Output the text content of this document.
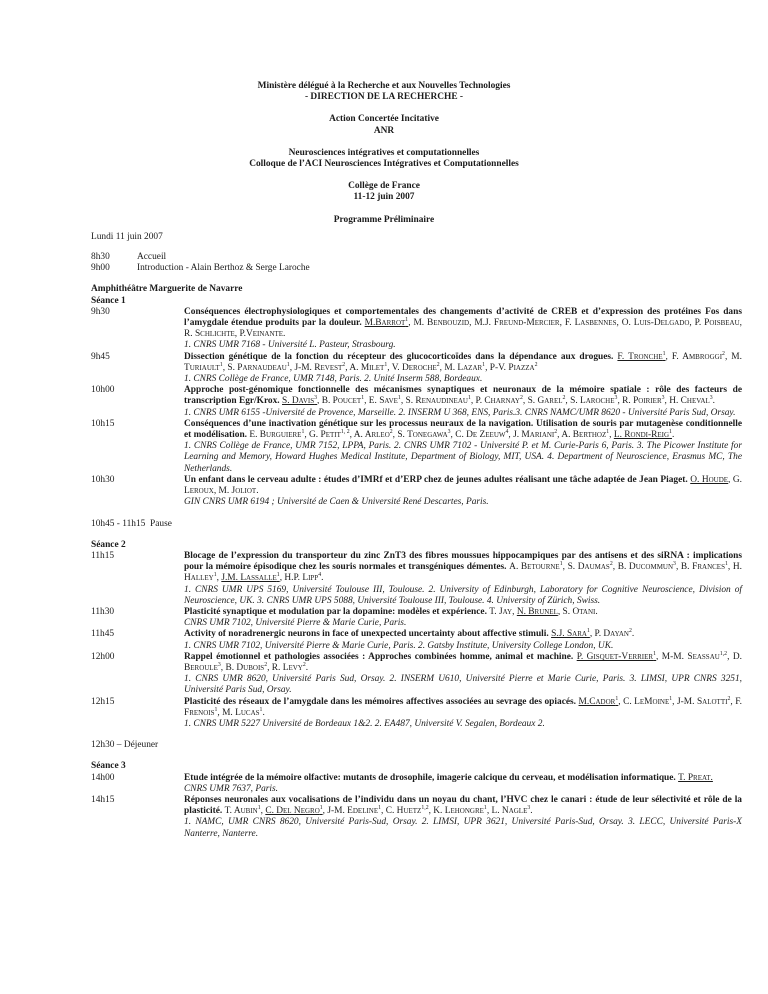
Ministère délégué à la Recherche et aux Nouvelles Technologies
- DIRECTION DE LA RECHERCHE -
Action Concertée Incitative
ANR
Neurosciences intégratives et computationnelles
Colloque de l’ACI Neurosciences Intégratives et Computationnelles
Collège de France
11-12 juin 2007
Programme Préliminaire
Lundi 11 juin 2007
8h30	Accueil
9h00	Introduction - Alain Berthoz & Serge Laroche
Amphithéâtre Marguerite de Navarre
Séance 1
9h30	Conséquences électrophysiologiques et comportementales des changements d’activité de CREB et d’expression des protéines Fos dans l’amygdale étendue produits par la douleur. M.Barrot$^1$, M. Benbouzid, M.J. Freund-Mercier, F. Lasbennes, O. Luis-Delgado, P. Poisbeau, R. Schlichte, P.Veinante.
1. CNRS UMR 7168 - Université L. Pasteur, Strasbourg.
9h45	Dissection génétique de la fonction du récepteur des glucocorticoïdes dans la dépendance aux drogues. F. Tronche$^1$, F. Ambroggi$^2$, M. Turiault$^1$, S. Parnaudeau$^1$, J-M. Revest$^2$, A. Milet$^1$, V. Deroche$^2$, M. Lazar$^1$, P-V. Piazza$^2$
1. CNRS Collège de France, UMR 7148, Paris. 2. Unité Inserm 588, Bordeaux.
10h00	Approche post-génomique fonctionnelle des mécanismes synaptiques et neuronaux de la mémoire spatiale : rôle des facteurs de transcription Egr/Krox. S. Davis$^3$, B. Poucet$^1$, E. Save$^1$, S. Renaudineau$^1$, P. Charnay$^2$, S. Garel$^2$, S. Laroche$^3$, R. Poirier$^3$, H. Cheval$^3$.
1. CNRS UMR 6155 -Université de Provence, Marseille. 2. INSERM U 368, ENS, Paris.3. CNRS NAMC/UMR 8620 - Université Paris Sud, Orsay.
10h15	Conséquences d’une inactivation génétique sur les processus neuraux de la navigation. Utilisation de souris par mutagenèse conditionnelle et modélisation. E. Burguiere$^1$, G. Petit$^{1, 2}$, A. Arleo$^2$, S. Tonegawa$^3$, C. De Zeeuw$^4$, J. Mariani$^2$, A. Berthoz$^1$, L. Rondi-Reig$^1$.
1. CNRS Collège de France, UMR 7152, LPPA, Paris. 2. CNRS UMR 7102 - Université P. et M. Curie-Paris 6, Paris. 3. The Picower Institute for Learning and Memory, Howard Hughes Medical Institute, Department of Biology, MIT, USA. 4. Department of Neuroscience, Erasmus MC, The Netherlands.
10h30	Un enfant dans le cerveau adulte : études d’IMRf et d’ERP chez de jeunes adultes réalisant une tâche adaptée de Jean Piaget. O. Houde, G. Leroux, M. Joliot.
GIN CNRS UMR 6194 ; Université de Caen & Université René Descartes, Paris.
10h45 - 11h15  Pause
Séance 2
11h15	Blocage de l’expression du transporteur du zinc ZnT3 des fibres moussues hippocampiques par des antisens et des siRNA : implications pour la mémoire épisodique chez les souris normales et transgéniques démentes. A. Betourne$^1$, S. Daumas$^2$, B. Ducommun$^3$, B. Frances$^1$, H. Halley$^1$, J.M. Lassalle$^1$, H.P. Lipp$^4$.
1. CNRS UMR UPS 5169, Université Toulouse III, Toulouse. 2. University of Edinburgh, Laboratory for Cognitive Neuroscience, Division of Neuroscience, UK. 3. CNRS UMR UPS 5088, Université Toulouse III, Toulouse. 4. University of Zürich, Swiss.
11h30	Plasticité synaptique et modulation par la dopamine: modèles et expérience. T. Jay, N. Brunel, S. Otani.
CNRS UMR 7102, Université Pierre & Marie Curie, Paris.
11h45	Activity of noradrenergic neurons in face of unexpected uncertainty about affective stimuli. S.J. Sara$^1$, P. Dayan$^2$.
1. CNRS UMR 7102, Université Pierre & Marie Curie, Paris. 2. Gatsby Institute, University College London, UK.
12h00	Rappel émotionnel et pathologies associées : Approches combinées homme, animal et machine. P. Gisquet-Verrier$^1$, M-M. Seassau$^{1,2}$, D. Beroule$^3$, B. Dubois$^2$, R. Levy$^2$.
1. CNRS UMR 8620, Université Paris Sud, Orsay. 2. INSERM U610, Université Pierre et Marie Curie, Paris. 3. LIMSI, UPR CNRS 3251, Université Paris Sud, Orsay.
12h15	Plasticité des réseaux de l’amygdale dans les mémoires affectives associées au sevrage des opiacés. M.Cador$^1$, C. LeMoine$^1$, J-M. Salotti$^2$, F. Frenois$^1$, M. Lucas$^1$.
1. CNRS UMR 5227 Université de Bordeaux 1&2. 2. EA487, Université V. Segalen, Bordeaux 2.
12h30 – Déjeuner
Séance 3
14h00	Etude intégrée de la mémoire olfactive: mutants de drosophile, imagerie calcique du cerveau, et modélisation informatique. T. Preat.
CNRS UMR 7637, Paris.
14h15	Réponses neuronales aux vocalisations de l’individu dans un noyau du chant, l’HVC chez le canari : étude de leur sélectivité et rôle de la plasticité. T. Aubin$^1$, C. Del Negro$^1$, J-M. Edeline$^1$, C. Huetz$^{1,2}$, K. Lehongre$^1$, L. Nagle$^3$.
1. NAMC, UMR CNRS 8620, Université Paris-Sud, Orsay. 2. LIMSI, UPR 3621, Université Paris-Sud, Orsay. 3. LECC, Université Paris-X Nanterre, Nanterre.
